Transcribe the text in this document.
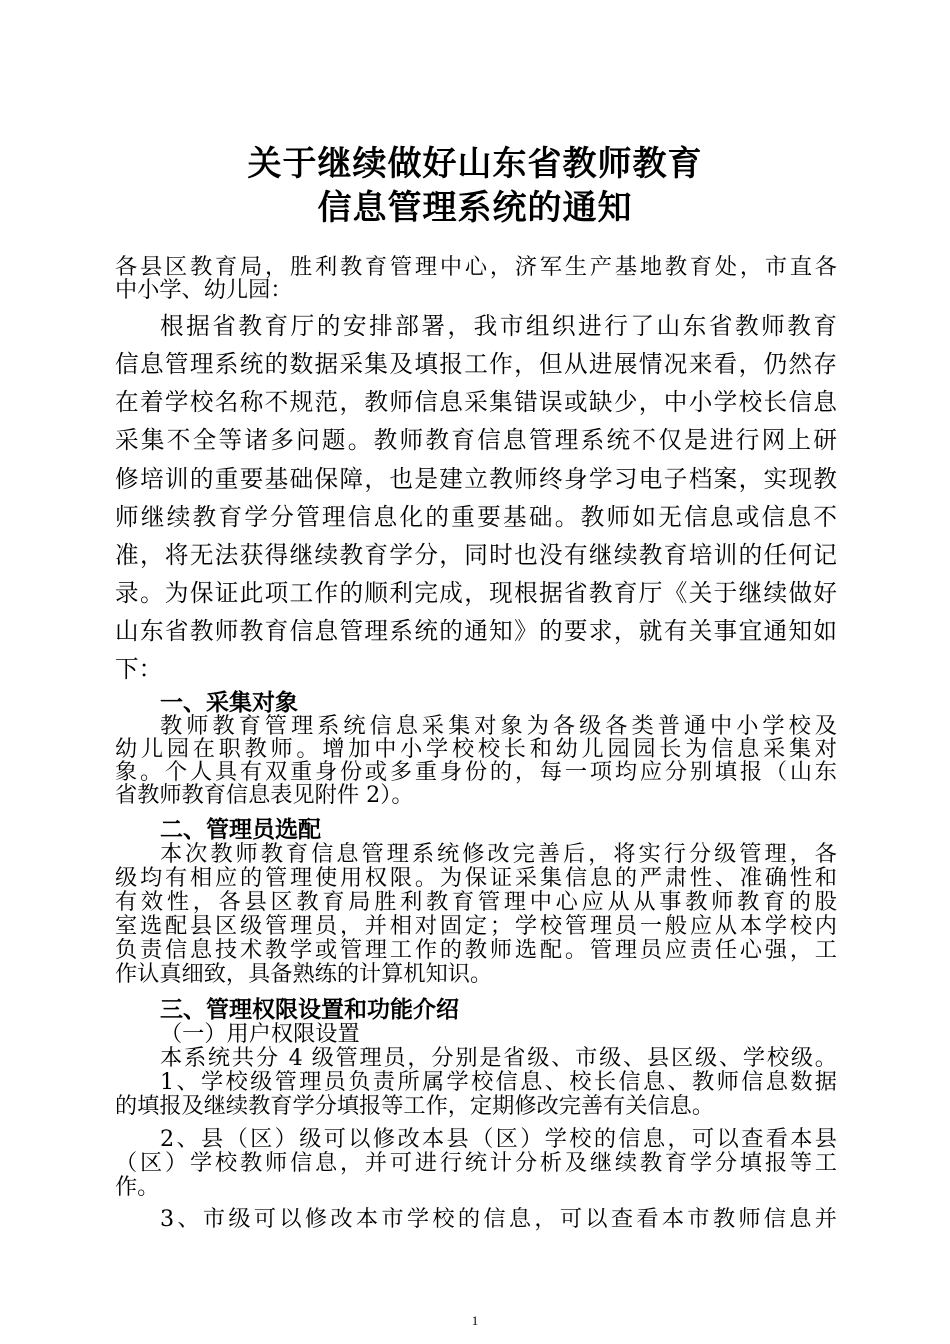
关于继续做好山东省教师教育
信息管理系统的通知
各县区教育局，胜利教育管理中心，济军生产基地教育处，市直各
中小学、幼儿园：
根据省教育厅的安排部署，我市组织进行了山东省教师教育
信息管理系统的数据采集及填报工作，但从进展情况来看，仍然存
在着学校名称不规范，教师信息采集错误或缺少，中小学校长信息
采集不全等诸多问题。教师教育信息管理系统不仅是进行网上研
修培训的重要基础保障，也是建立教师终身学习电子档案，实现教
师继续教育学分管理信息化的重要基础。教师如无信息或信息不
准，将无法获得继续教育学分，同时也没有继续教育培训的任何记
录。为保证此项工作的顺利完成，现根据省教育厅《关于继续做好
山东省教师教育信息管理系统的通知》的要求，就有关事宜通知如
下：
一、采集对象
教师教育管理系统信息采集对象为各级各类普通中小学校及
幼儿园在职教师。增加中小学校校长和幼儿园园长为信息采集对
象。个人具有双重身份或多重身份的，每一项均应分别填报（山东
省教师教育信息表见附件 2）。
二、管理员选配
本次教师教育信息管理系统修改完善后，将实行分级管理，各
级均有相应的管理使用权限。为保证采集信息的严肃性、准确性和
有效性，各县区教育局胜利教育管理中心应从从事教师教育的股
室选配县区级管理员，并相对固定；学校管理员一般应从本学校内
负责信息技术教学或管理工作的教师选配。管理员应责任心强，工
作认真细致，具备熟练的计算机知识。
三、管理权限设置和功能介绍
（一）用户权限设置
本系统共分 4 级管理员，分别是省级、市级、县区级、学校级。
1、学校级管理员负责所属学校信息、校长信息、教师信息数据
的填报及继续教育学分填报等工作，定期修改完善有关信息。
2、县（区）级可以修改本县（区）学校的信息，可以查看本县
（区）学校教师信息，并可进行统计分析及继续教育学分填报等工
作。
3、市级可以修改本市学校的信息，可以查看本市教师信息并
1
